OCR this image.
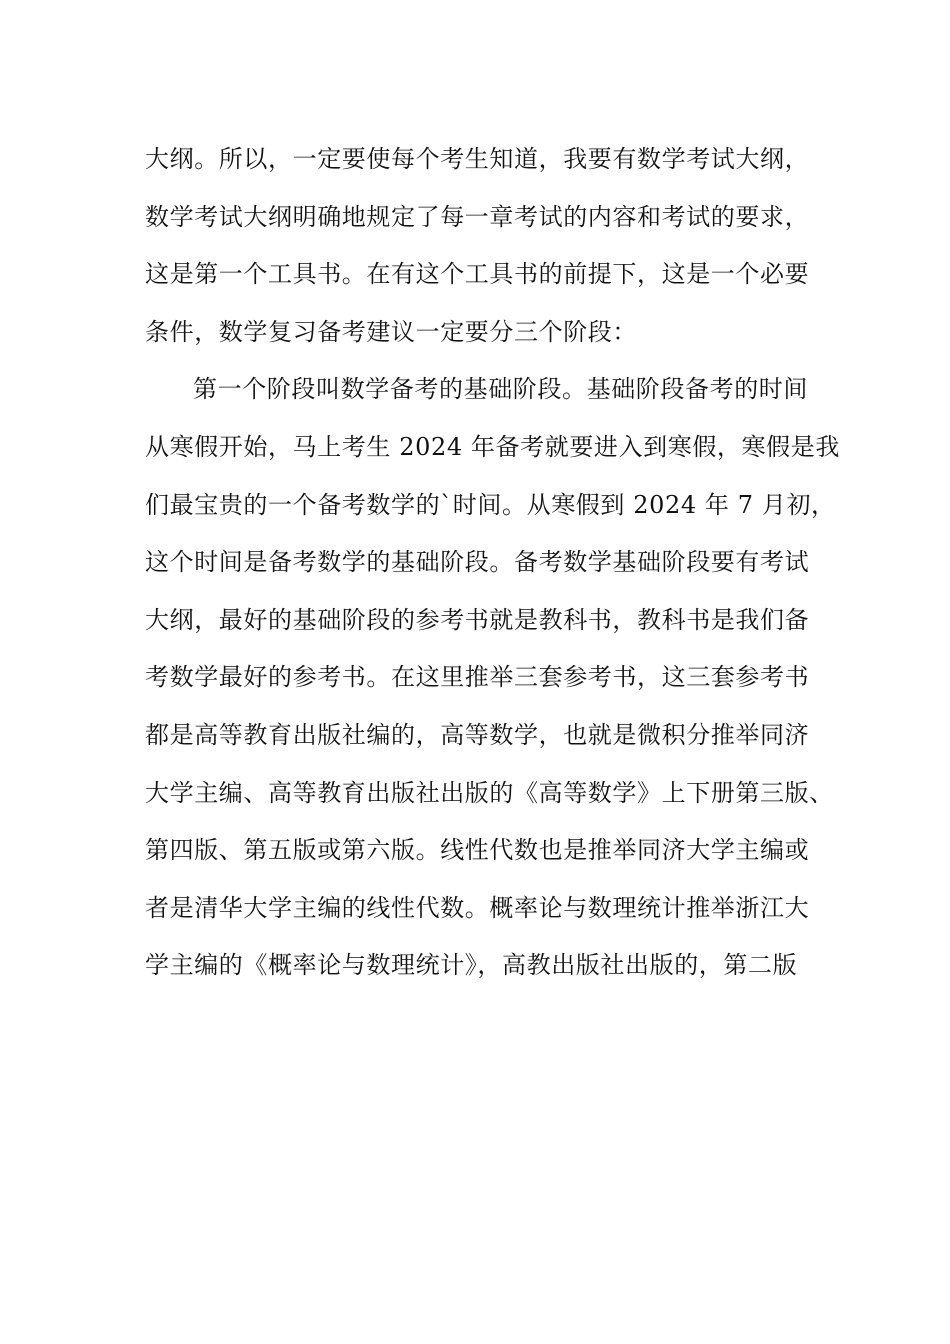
大纲。所以，一定要使每个考生知道，我要有数学考试大纲，
数学考试大纲明确地规定了每一章考试的内容和考试的要求，
这是第一个工具书。在有这个工具书的前提下，这是一个必要
条件，数学复习备考建议一定要分三个阶段：
第一个阶段叫数学备考的基础阶段。基础阶段备考的时间
从寒假开始，马上考生 2024 年备考就要进入到寒假，寒假是我
们最宝贵的一个备考数学的`时间。从寒假到 2024 年 7 月初，
这个时间是备考数学的基础阶段。备考数学基础阶段要有考试
大纲，最好的基础阶段的参考书就是教科书，教科书是我们备
考数学最好的参考书。在这里推举三套参考书，这三套参考书
都是高等教育出版社编的，高等数学，也就是微积分推举同济
大学主编、高等教育出版社出版的《高等数学》上下册第三版、
第四版、第五版或第六版。线性代数也是推举同济大学主编或
者是清华大学主编的线性代数。概率论与数理统计推举浙江大
学主编的《概率论与数理统计》，高教出版社出版的，第二版
